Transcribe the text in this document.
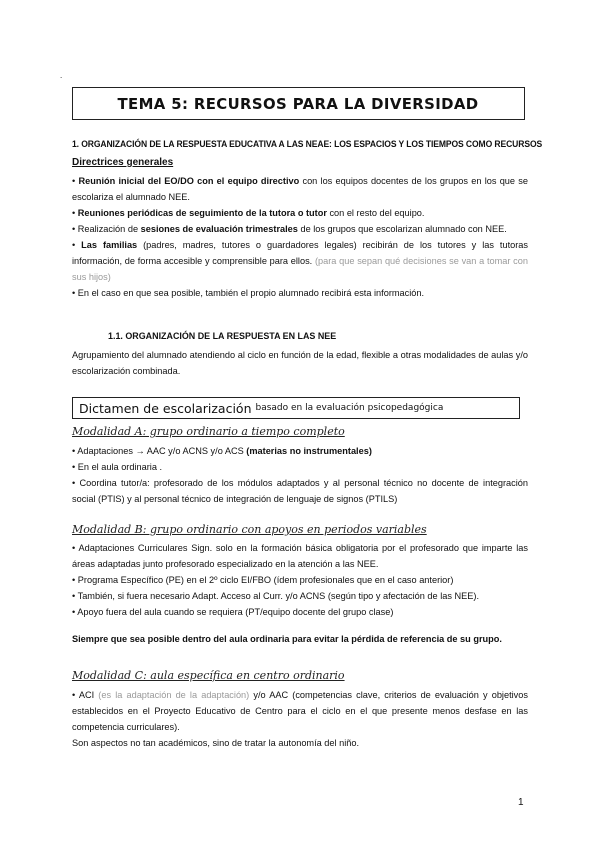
.
TEMA 5: RECURSOS PARA LA DIVERSIDAD
1. ORGANIZACIÓN DE LA RESPUESTA EDUCATIVA A LAS NEAE: LOS ESPACIOS Y LOS TIEMPOS COMO RECURSOS
Directrices generales

• Reunión inicial del EO/DO con el equipo directivo con los equipos docentes de los grupos en los que se escolariza el alumnado NEE.

• Reuniones periódicas de seguimiento de la tutora o tutor con el resto del equipo.

• Realización de sesiones de evaluación trimestrales de los grupos que escolarizan alumnado con NEE.

• Las familias (padres, madres, tutores o guardadores legales) recibirán de los tutores y las tutoras información, de forma accesible y comprensible para ellos. (para que sepan qué decisiones se van a tomar con sus hijos)

• En el caso en que sea posible, también el propio alumnado recibirá esta información.

1.1. ORGANIZACIÓN DE LA RESPUESTA EN LAS NEE

Agrupamiento del alumnado atendiendo al ciclo en función de la edad, flexible a otras modalidades de aulas y/o escolarización combinada.

Dictamen de escolarización basado en la evaluación psicopedagógica
Modalidad A: grupo ordinario a tiempo completo

• Adaptaciones → AAC y/o ACNS y/o ACS (materias no instrumentales)

• En el aula ordinaria .

• Coordina tutor/a: profesorado de los módulos adaptados y al personal técnico no docente de integración social (PTIS) y al personal técnico de integración de lenguaje de signos (PTILS)

Modalidad B: grupo ordinario con apoyos en periodos variables

• Adaptaciones Curriculares Sign. solo en la formación básica obligatoria por el profesorado que imparte las áreas adaptadas junto profesorado especializado en la atención a las NEE.

• Programa Específico (PE) en el 2º ciclo EI/FBO (ídem profesionales que en el caso anterior)

• También, si fuera necesario Adapt. Acceso al Curr. y/o ACNS (según tipo y afectación de las NEE).

• Apoyo fuera del aula cuando se requiera (PT/equipo docente del grupo clase)

Siempre que sea posible dentro del aula ordinaria para evitar la pérdida de referencia de su grupo.
Modalidad C: aula específica en centro ordinario

• ACI (es la adaptación de la adaptación) y/o AAC (competencias clave, criterios de evaluación y objetivos establecidos en el Proyecto Educativo de Centro para el ciclo en el que presente menos desfase en las competencia curriculares).

Son aspectos no tan académicos, sino de tratar la autonomía del niño.

1
